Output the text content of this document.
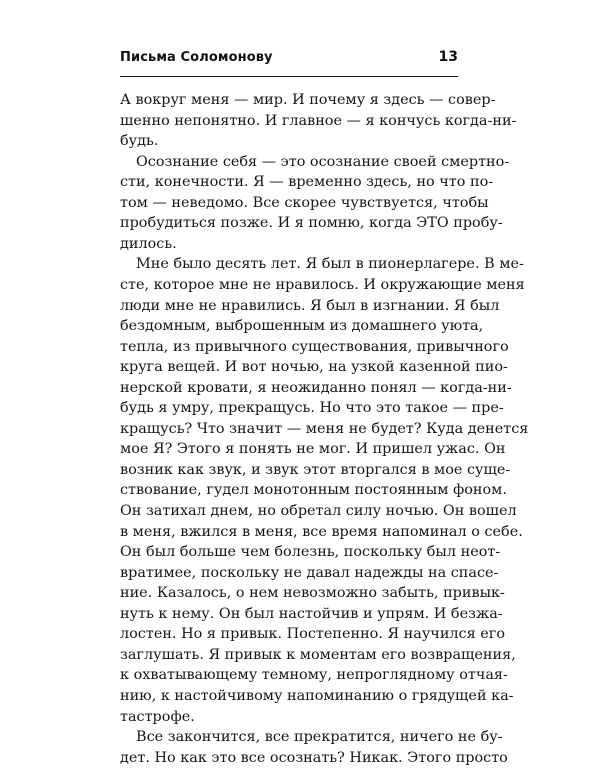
Письма Соломонову	13
А вокруг меня — мир. И почему я здесь — совер-
шенно непонятно. И главное — я кончусь когда-ни-
будь.
Осознание себя — это осознание своей смертно-
сти, конечности. Я — временно здесь, но что по-
том — неведомо. Все скорее чувствуется, чтобы
пробудиться позже. И я помню, когда ЭТО пробу-
дилось.
Мне было десять лет. Я был в пионерлагере. В ме-
сте, которое мне не нравилось. И окружающие меня
люди мне не нравились. Я был в изгнании. Я был
бездомным, выброшенным из домашнего уюта,
тепла, из привычного существования, привычного
круга вещей. И вот ночью, на узкой казенной пио-
нерской кровати, я неожиданно понял — когда-ни-
будь я умру, прекращусь. Но что это такое — пре-
кращусь? Что значит — меня не будет? Куда денется
мое Я? Этого я понять не мог. И пришел ужас. Он
возник как звук, и звук этот вторгался в мое суще-
ствование, гудел монотонным постоянным фоном.
Он затихал днем, но обретал силу ночью. Он вошел
в меня, вжился в меня, все время напоминал о себе.
Он был больше чем болезнь, поскольку был неот-
вратимее, поскольку не давал надежды на спасе-
ние. Казалось, о нем невозможно забыть, привык-
нуть к нему. Он был настойчив и упрям. И безжа-
лостен. Но я привык. Постепенно. Я научился его
заглушать. Я привык к моментам его возвращения,
к охватывающему темному, непроглядному отчая-
нию, к настойчивому напоминанию о грядущей ка-
тастрофе.
Все закончится, все прекратится, ничего не бу-
дет. Но как это все осознать? Никак. Этого просто
